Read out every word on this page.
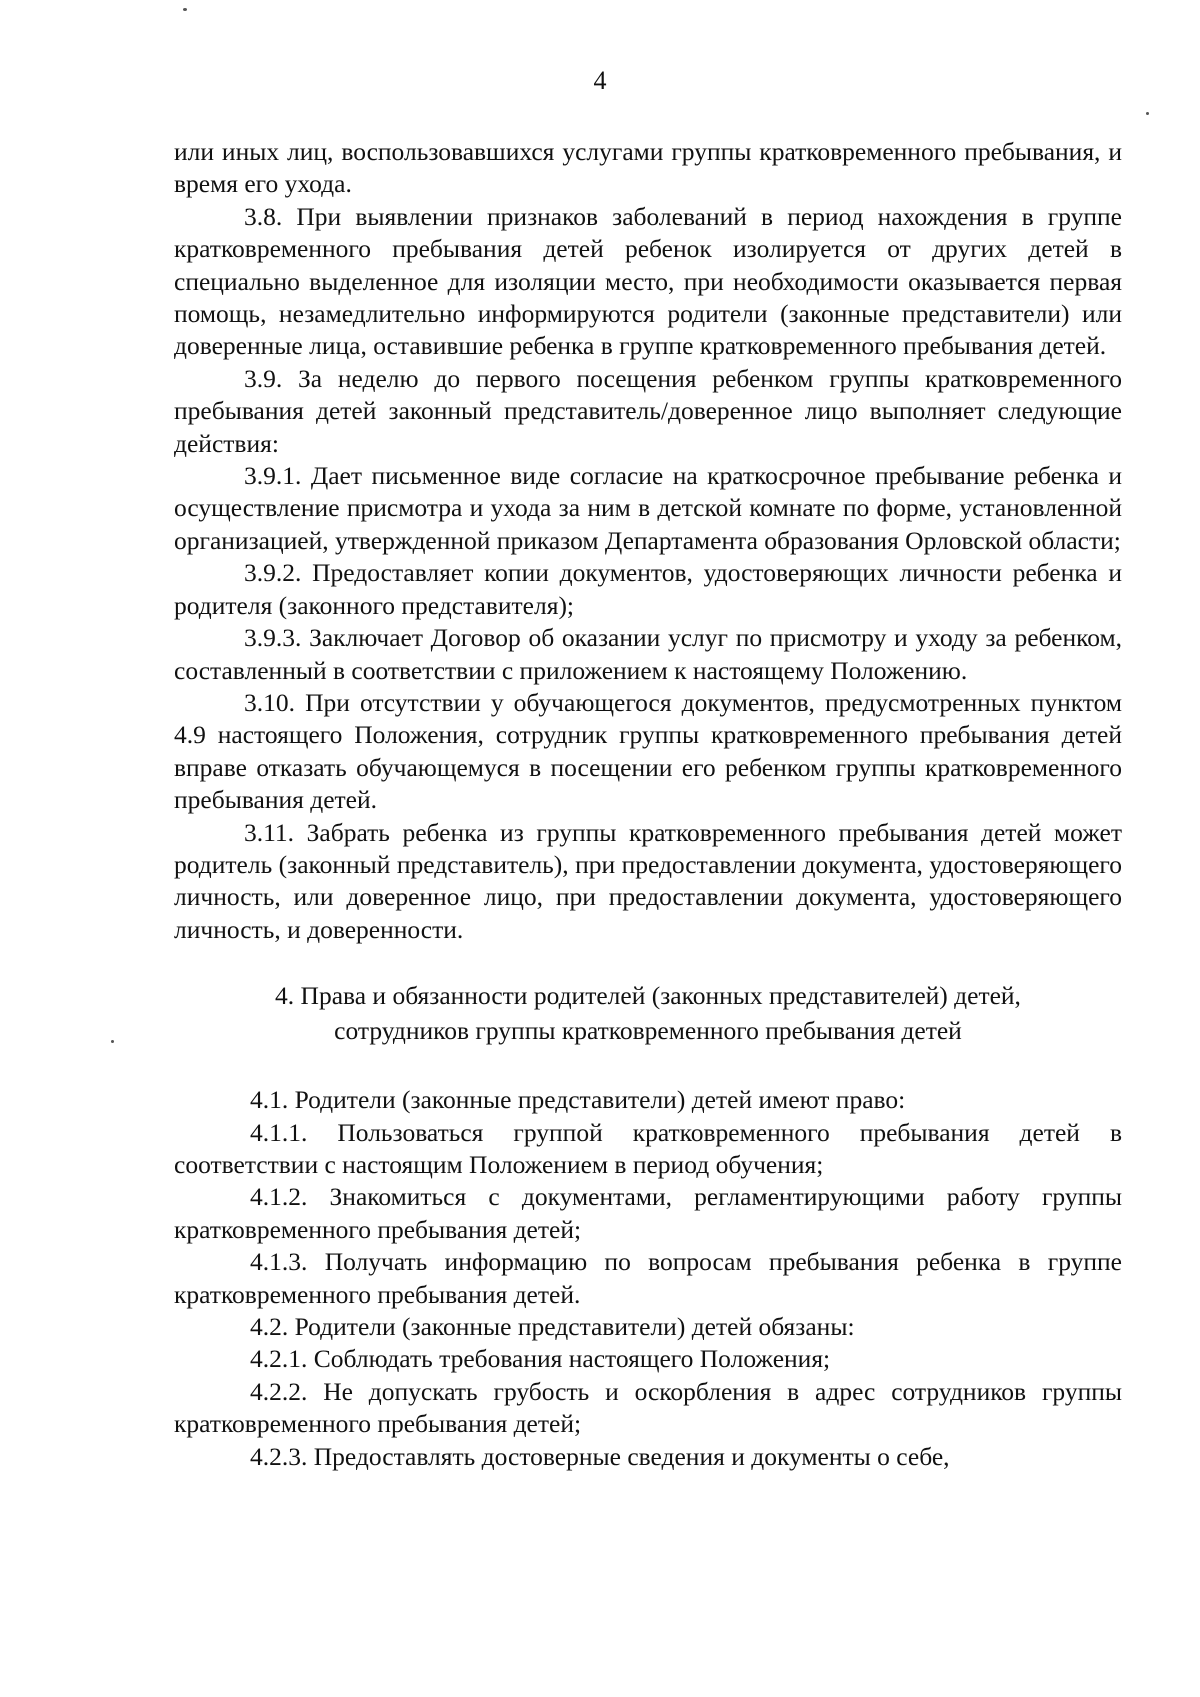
4

или иных лиц, воспользовавшихся услугами группы кратковременного пребывания, и время его ухода.

3.8. При выявлении признаков заболеваний в период нахождения в группе кратковременного пребывания детей ребенок изолируется от других детей в специально выделенное для изоляции место, при необходимости оказывается первая помощь, незамедлительно информируются родители (законные представители) или доверенные лица, оставившие ребенка в группе кратковременного пребывания детей.

3.9. За неделю до первого посещения ребенком группы кратковременного пребывания детей законный представитель/доверенное лицо выполняет следующие действия:

3.9.1. Дает письменное виде согласие на краткосрочное пребывание ребенка и осуществление присмотра и ухода за ним в детской комнате по форме, установленной организацией, утвержденной приказом Департамента образования Орловской области;

3.9.2. Предоставляет копии документов, удостоверяющих личности ребенка и родителя (законного представителя);

3.9.3. Заключает Договор об оказании услуг по присмотру и уходу за ребенком, составленный в соответствии с приложением к настоящему Положению.

3.10. При отсутствии у обучающегося документов, предусмотренных пунктом 4.9 настоящего Положения, сотрудник группы кратковременного пребывания детей вправе отказать обучающемуся в посещении его ребенком группы кратковременного пребывания детей.

3.11. Забрать ребенка из группы кратковременного пребывания детей может родитель (законный представитель), при предоставлении документа, удостоверяющего личность, или доверенное лицо, при предоставлении документа, удостоверяющего личность, и доверенности.

4. Права и обязанности родителей (законных представителей) детей,
сотрудников группы кратковременного пребывания детей

4.1. Родители (законные представители) детей имеют право:

4.1.1. Пользоваться группой кратковременного пребывания детей в соответствии с настоящим Положением в период обучения;

4.1.2. Знакомиться с документами, регламентирующими работу группы кратковременного пребывания детей;

4.1.3. Получать информацию по вопросам пребывания ребенка в группе кратковременного пребывания детей.

4.2. Родители (законные представители) детей обязаны:

4.2.1. Соблюдать требования настоящего Положения;

4.2.2. Не допускать грубость и оскорбления в адрес сотрудников группы кратковременного пребывания детей;

4.2.3. Предоставлять достоверные сведения и документы о себе,
